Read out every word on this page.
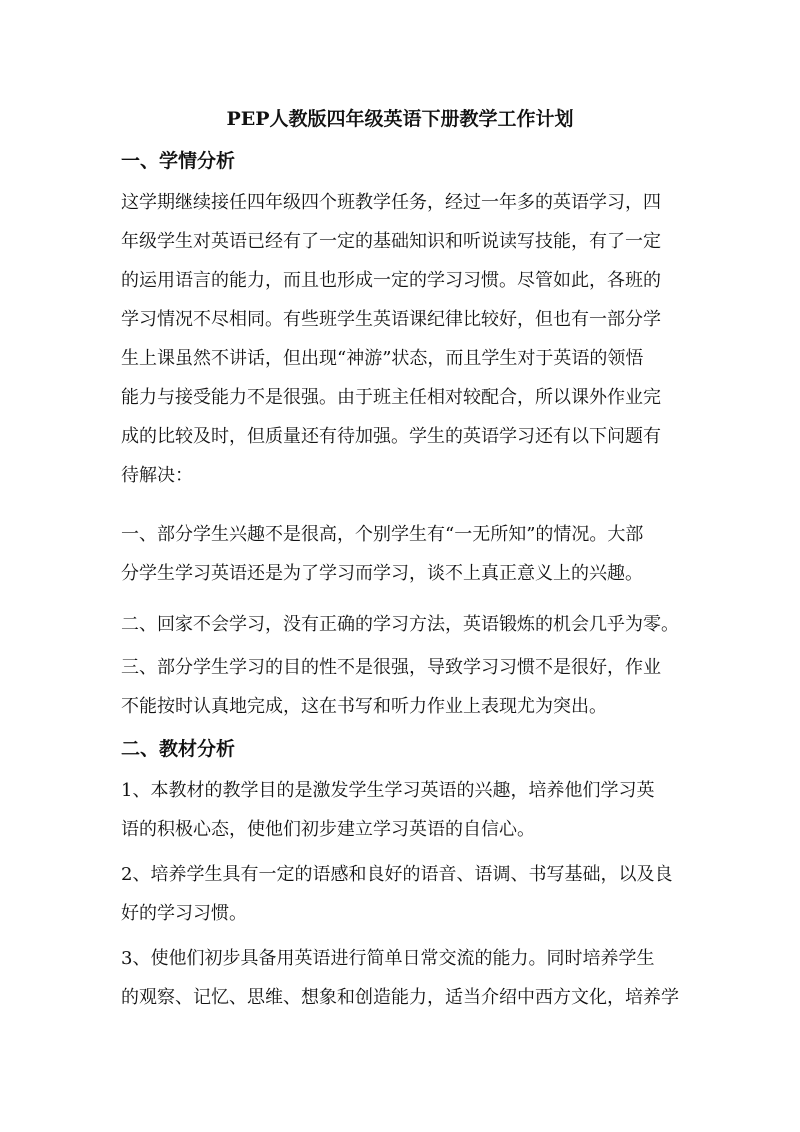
PEP人教版四年级英语下册教学工作计划
一、学情分析

这学期继续接任四年级四个班教学任务，经过一年多的英语学习，四

年级学生对英语已经有了一定的基础知识和听说读写技能，有了一定

的运用语言的能力，而且也形成一定的学习习惯。尽管如此，各班的

学习情况不尽相同。有些班学生英语课纪律比较好，但也有一部分学

生上课虽然不讲话，但出现“神游”状态，而且学生对于英语的领悟

能力与接受能力不是很强。由于班主任相对较配合，所以课外作业完

成的比较及时，但质量还有待加强。学生的英语学习还有以下问题有

待解决：

一、部分学生兴趣不是很高，个别学生有“一无所知”的情况。大部

分学生学习英语还是为了学习而学习，谈不上真正意义上的兴趣。

二、回家不会学习，没有正确的学习方法，英语锻炼的机会几乎为零。

三、部分学生学习的目的性不是很强，导致学习习惯不是很好，作业

不能按时认真地完成，这在书写和听力作业上表现尤为突出。

二、教材分析

1、本教材的教学目的是激发学生学习英语的兴趣，培养他们学习英

语的积极心态，使他们初步建立学习英语的自信心。

2、培养学生具有一定的语感和良好的语音、语调、书写基础，以及良

好的学习习惯。

3、使他们初步具备用英语进行简单日常交流的能力。同时培养学生

的观察、记忆、思维、想象和创造能力，适当介绍中西方文化，培养学
